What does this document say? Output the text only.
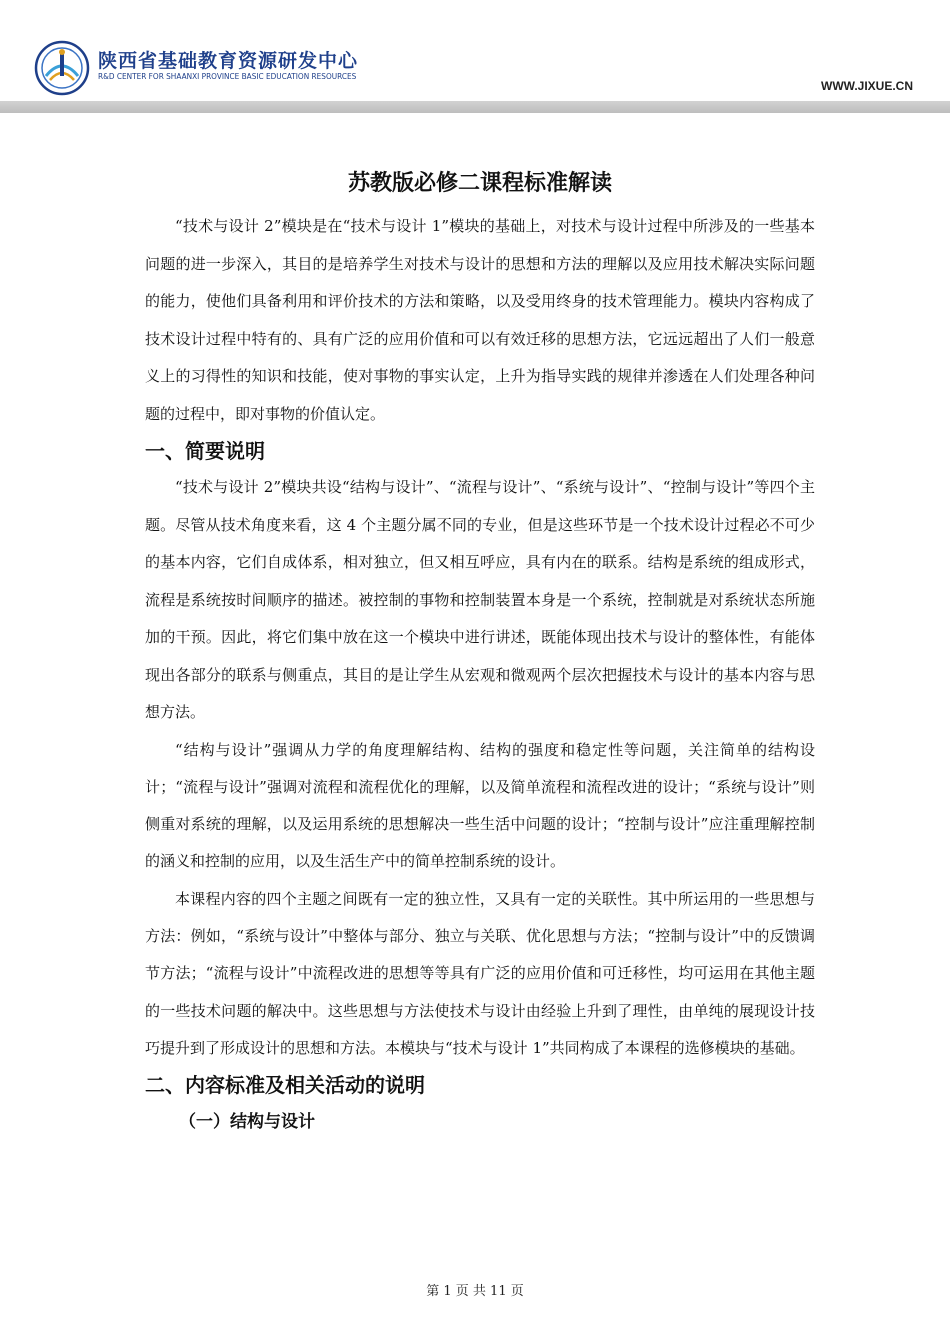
陕西省基础教育资源研发中心
R&D CENTER FOR SHAANXI PROVINCE BASIC EDUCATION RESOURCES
WWW.JIXUE.CN
苏教版必修二课程标准解读

“技术与设计 2”模块是在“技术与设计 1”模块的基础上，对技术与设计过程中所涉及的一些基本问题的进一步深入，其目的是培养学生对技术与设计的思想和方法的理解以及应用技术解决实际问题的能力，使他们具备利用和评价技术的方法和策略，以及受用终身的技术管理能力。模块内容构成了技术设计过程中特有的、具有广泛的应用价值和可以有效迁移的思想方法，它远远超出了人们一般意义上的习得性的知识和技能，使对事物的事实认定，上升为指导实践的规律并渗透在人们处理各种问题的过程中，即对事物的价值认定。

一、简要说明

“技术与设计 2”模块共设“结构与设计”、“流程与设计”、“系统与设计”、“控制与设计”等四个主题。尽管从技术角度来看，这 4 个主题分属不同的专业，但是这些环节是一个技术设计过程必不可少的基本内容，它们自成体系，相对独立，但又相互呼应，具有内在的联系。结构是系统的组成形式，流程是系统按时间顺序的描述。被控制的事物和控制装置本身是一个系统，控制就是对系统状态所施加的干预。因此，将它们集中放在这一个模块中进行讲述，既能体现出技术与设计的整体性，有能体现出各部分的联系与侧重点，其目的是让学生从宏观和微观两个层次把握技术与设计的基本内容与思想方法。

“结构与设计”强调从力学的角度理解结构、结构的强度和稳定性等问题，关注简单的结构设计；“流程与设计”强调对流程和流程优化的理解，以及简单流程和流程改进的设计；“系统与设计”则侧重对系统的理解，以及运用系统的思想解决一些生活中问题的设计；“控制与设计”应注重理解控制的涵义和控制的应用，以及生活生产中的简单控制系统的设计。

本课程内容的四个主题之间既有一定的独立性，又具有一定的关联性。其中所运用的一些思想与方法：例如，“系统与设计”中整体与部分、独立与关联、优化思想与方法；“控制与设计”中的反馈调节方法；“流程与设计”中流程改进的思想等等具有广泛的应用价值和可迁移性，均可运用在其他主题的一些技术问题的解决中。这些思想与方法使技术与设计由经验上升到了理性，由单纯的展现设计技巧提升到了形成设计的思想和方法。本模块与“技术与设计 1”共同构成了本课程的选修模块的基础。

二、内容标准及相关活动的说明
（一）结构与设计
第 1 页 共 11 页
